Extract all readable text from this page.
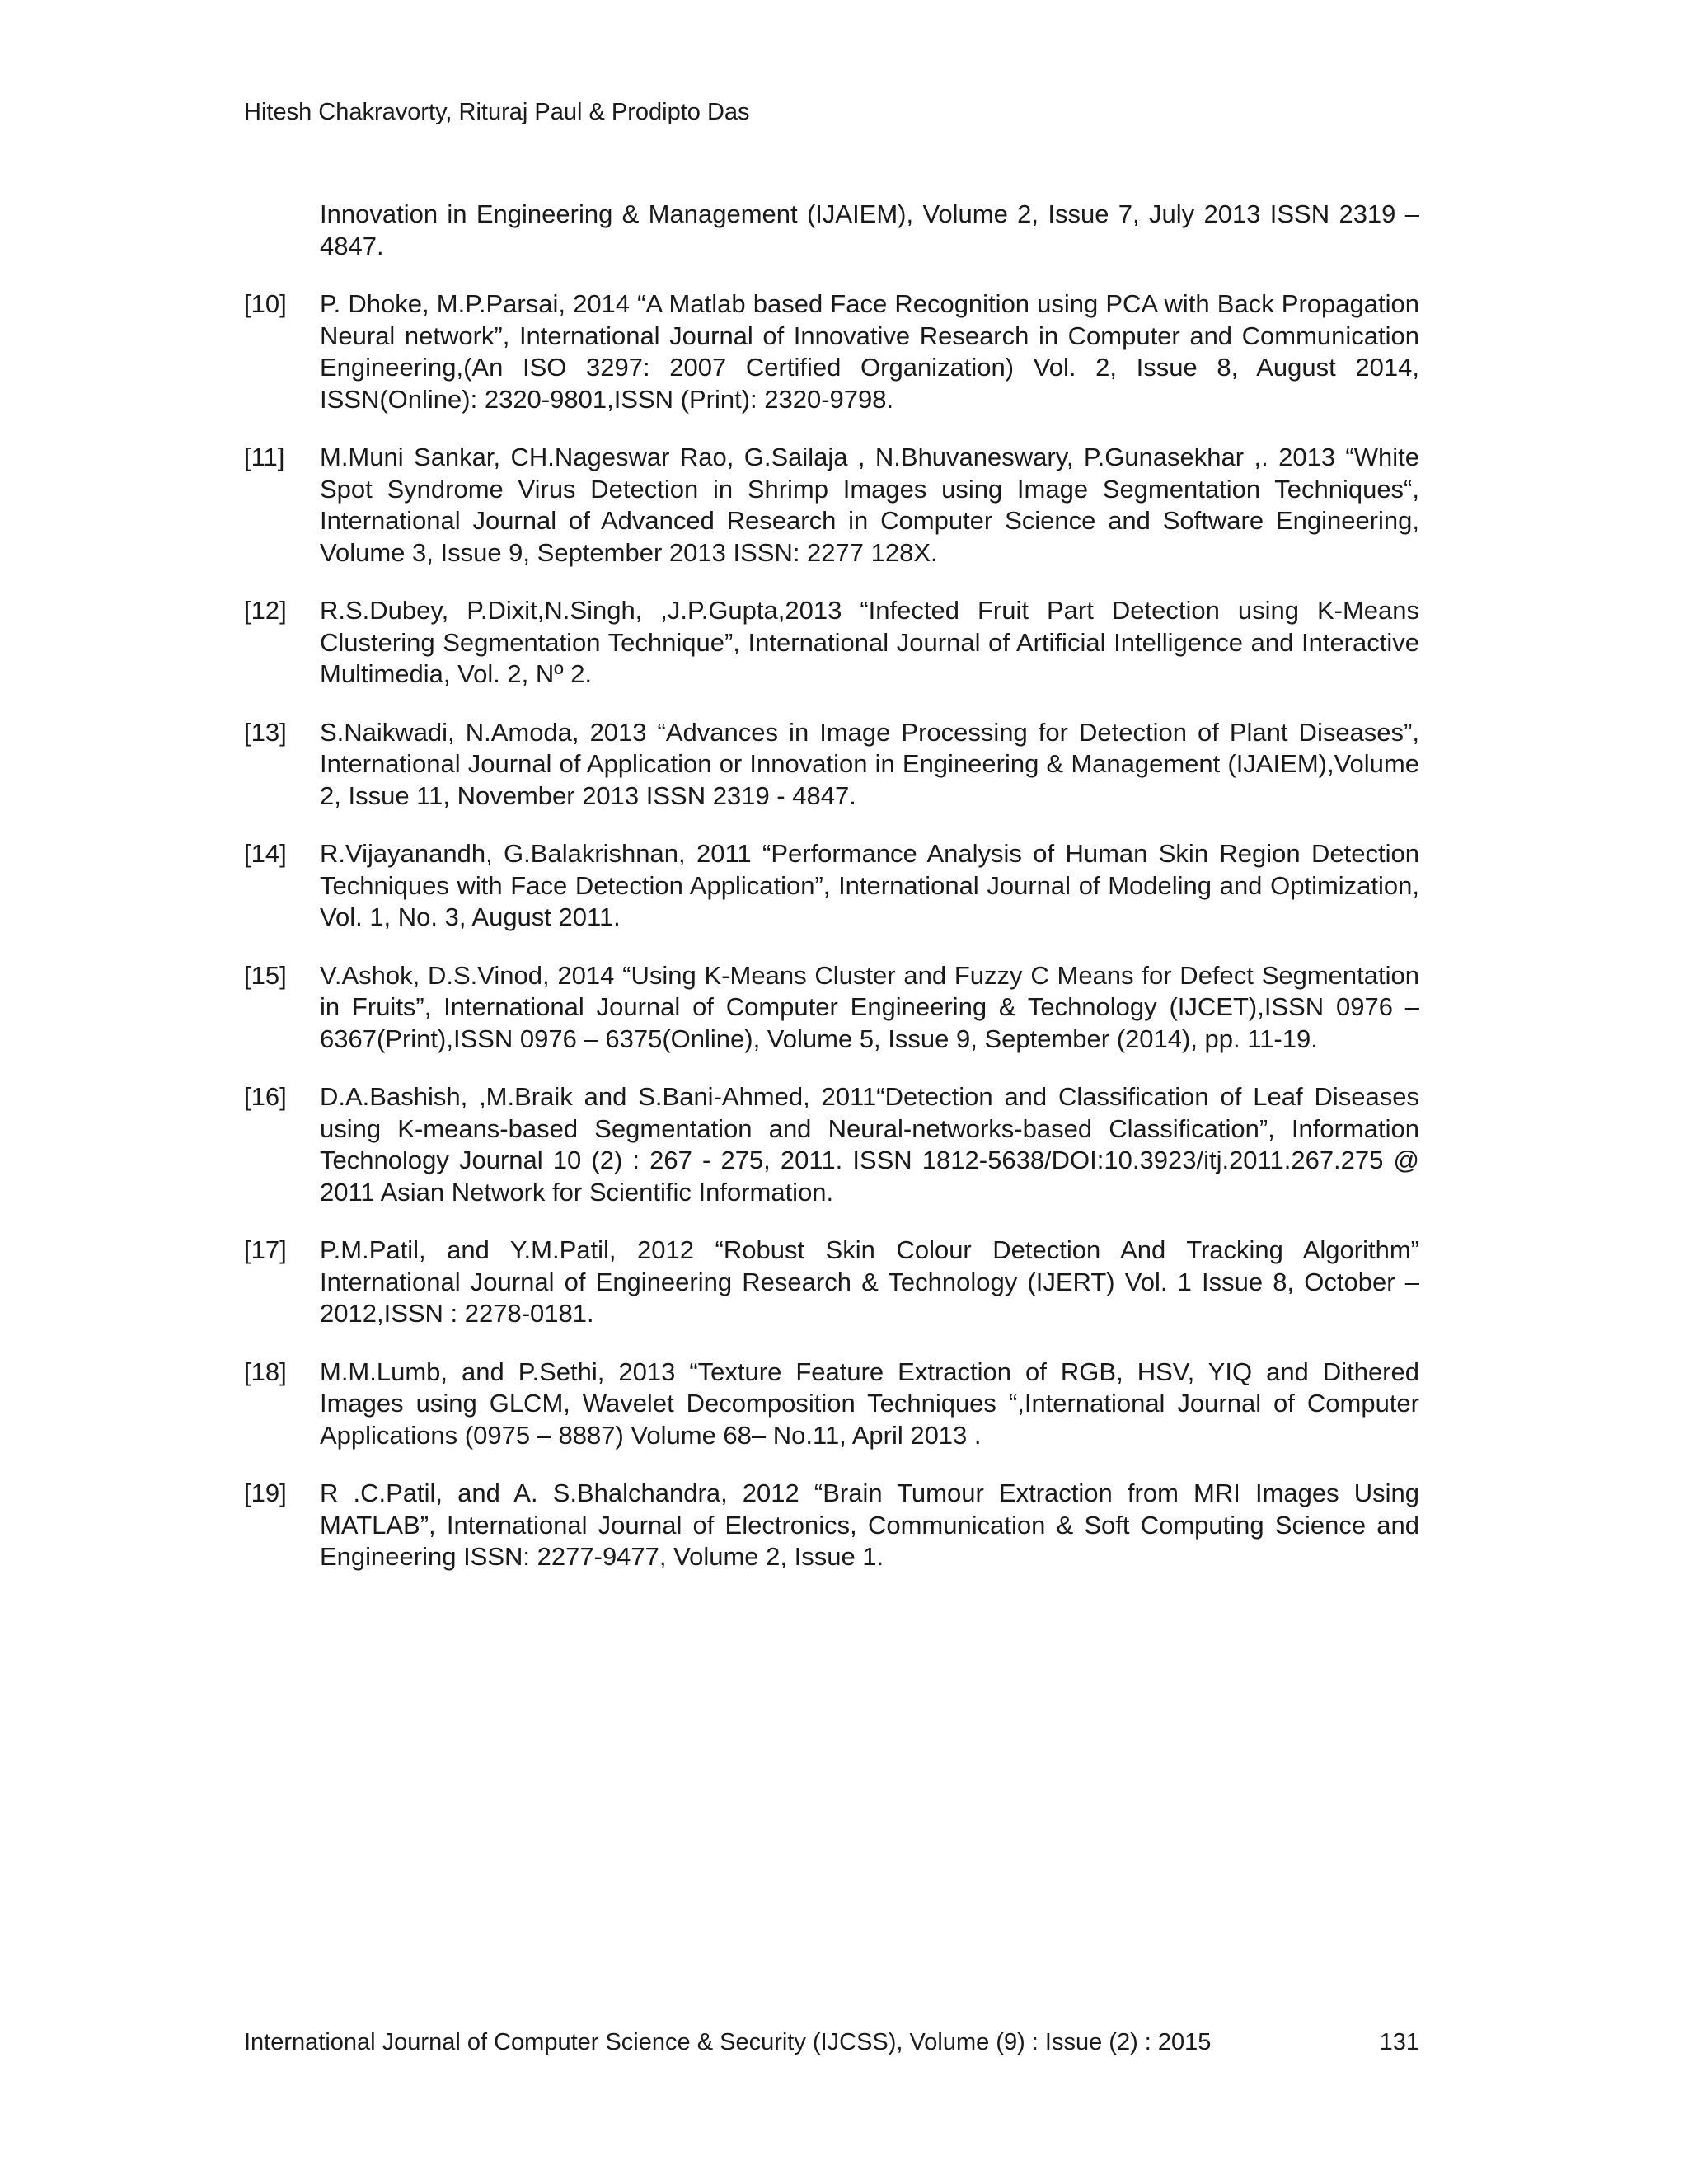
Hitesh Chakravorty, Rituraj Paul & Prodipto Das
Innovation in Engineering & Management (IJAIEM), Volume 2, Issue 7, July 2013 ISSN 2319 – 4847.
[10]	P. Dhoke, M.P.Parsai, 2014 “A Matlab based Face Recognition using PCA with Back Propagation Neural network”, International Journal of Innovative Research in Computer and Communication Engineering,(An ISO 3297: 2007 Certified Organization) Vol. 2, Issue 8, August 2014, ISSN(Online): 2320-9801,ISSN (Print): 2320-9798.
[11]	M.Muni Sankar, CH.Nageswar Rao, G.Sailaja , N.Bhuvaneswary, P.Gunasekhar ,. 2013 “White Spot Syndrome Virus Detection in Shrimp Images using Image Segmentation Techniques“, International Journal of Advanced Research in Computer Science and Software Engineering, Volume 3, Issue 9, September 2013 ISSN: 2277 128X.
[12]	R.S.Dubey, P.Dixit,N.Singh, ,J.P.Gupta,2013 “Infected Fruit Part Detection using K-Means Clustering Segmentation Technique”, International Journal of Artificial Intelligence and Interactive Multimedia, Vol. 2, Nº 2.
[13]	S.Naikwadi, N.Amoda, 2013 “Advances in Image Processing for Detection of Plant Diseases”, International Journal of Application or Innovation in Engineering & Management (IJAIEM),Volume 2, Issue 11, November 2013 ISSN 2319 - 4847.
[14]	R.Vijayanandh, G.Balakrishnan, 2011 “Performance Analysis of Human Skin Region Detection Techniques with Face Detection Application”, International Journal of Modeling and Optimization, Vol. 1, No. 3, August 2011.
[15]	V.Ashok, D.S.Vinod, 2014 “Using K-Means Cluster and Fuzzy C Means for Defect Segmentation in Fruits”, International Journal of Computer Engineering & Technology (IJCET),ISSN 0976 – 6367(Print),ISSN 0976 – 6375(Online), Volume 5, Issue 9, September (2014), pp. 11-19.
[16]	D.A.Bashish, ,M.Braik and S.Bani-Ahmed, 2011“Detection and Classification of Leaf Diseases using K-means-based Segmentation and Neural-networks-based Classification”, Information Technology Journal 10 (2) : 267 - 275, 2011. ISSN 1812-5638/DOI:10.3923/itj.2011.267.275 @ 2011 Asian Network for Scientific Information.
[17]	P.M.Patil, and Y.M.Patil, 2012 “Robust Skin Colour Detection And Tracking Algorithm” International Journal of Engineering Research & Technology (IJERT) Vol. 1 Issue 8, October – 2012,ISSN : 2278-0181.
[18]	M.M.Lumb, and P.Sethi, 2013 “Texture Feature Extraction of RGB, HSV, YIQ and Dithered Images using GLCM, Wavelet Decomposition Techniques “,International Journal of Computer Applications (0975 – 8887) Volume 68– No.11, April 2013 .
[19]	R .C.Patil, and A. S.Bhalchandra, 2012 “Brain Tumour Extraction from MRI Images Using MATLAB”, International Journal of Electronics, Communication & Soft Computing Science and Engineering ISSN: 2277-9477, Volume 2, Issue 1.
International Journal of Computer Science & Security (IJCSS), Volume (9) : Issue (2) : 2015	131
